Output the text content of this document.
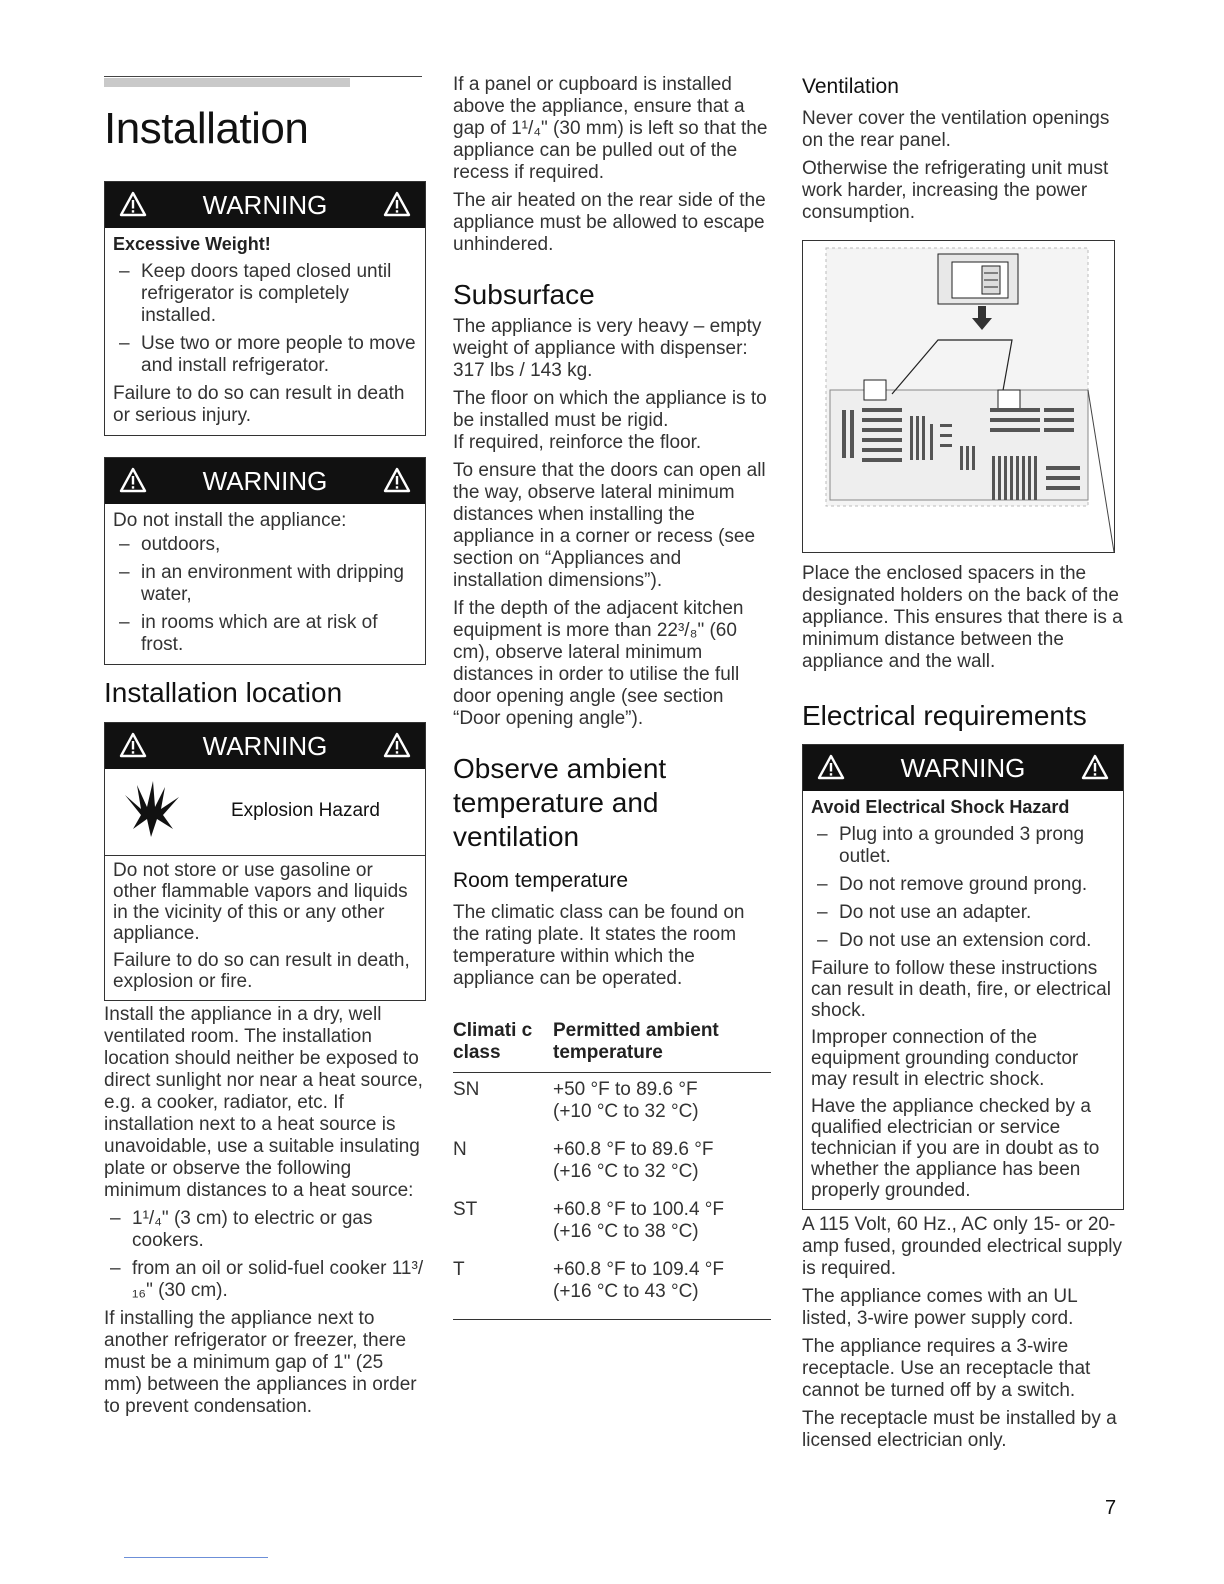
Installation
WARNING
Excessive Weight!
– Keep doors taped closed until refrigerator is completely installed.
– Use two or more people to move and install refrigerator.

Failure to do so can result in death or serious injury.

WARNING

Do not install the appliance:

– outdoors,
– in an environment with dripping water,
– in rooms which are at risk of frost.
Installation location
WARNING
Explosion Hazard

Do not store or use gasoline or other flammable vapors and liquids in the vicinity of this or any other appliance.

Failure to do so can result in death, explosion or fire.

Install the appliance in a dry, well ventilated room. The installation location should neither be exposed to direct sunlight nor near a heat source, e.g. a cooker, radiator, etc. If installation next to a heat source is unavoidable, use a suitable insulating plate or observe the following minimum distances to a heat source:

– 1¹/₄" (3 cm) to electric or gas cookers.
– from an oil or solid-fuel cooker 11³/₁₆" (30 cm).

If installing the appliance next to another refrigerator or freezer, there must be a minimum gap of 1" (25 mm) between the appliances in order to prevent condensation.

If a panel or cupboard is installed above the appliance, ensure that a gap of 1¹/₄" (30 mm) is left so that the appliance can be pulled out of the recess if required.

The air heated on the rear side of the appliance must be allowed to escape unhindered.

Subsurface

The appliance is very heavy – empty weight of appliance with dispenser: 317 lbs / 143 kg.

The floor on which the appliance is to be installed must be rigid.

If required, reinforce the floor.

To ensure that the doors can open all the way, observe lateral minimum distances when installing the appliance in a corner or recess (see section on “Appliances and installation dimensions”).

If the depth of the adjacent kitchen equipment is more than 22³/₈" (60 cm), observe lateral minimum distances in order to utilise the full door opening angle (see section “Door opening angle”).

Observe ambient temperature and ventilation
Room temperature

The climatic class can be found on the rating plate. It states the room temperature within which the appliance can be operated.

Climati c class	Permitted ambient temperature
SN	+50 °F to 89.6 °F
(+10 °C to 32 °C)
N	+60.8 °F to 89.6 °F
(+16 °C to 32 °C)
ST	+60.8 °F to 100.4 °F
(+16 °C to 38 °C)
T	+60.8 °F to 109.4 °F
(+16 °C to 43 °C)
Ventilation

Never cover the ventilation openings on the rear panel.

Otherwise the refrigerating unit must work harder, increasing the power consumption.

Place the enclosed spacers in the designated holders on the back of the appliance. This ensures that there is a minimum distance between the appliance and the wall.

Electrical requirements
WARNING
Avoid Electrical Shock Hazard
– Plug into a grounded 3 prong outlet.
– Do not remove ground prong.
– Do not use an adapter.
– Do not use an extension cord.

Failure to follow these instructions can result in death, fire, or electrical shock.

Improper connection of the equipment grounding conductor may result in electric shock.

Have the appliance checked by a qualified electrician or service technician if you are in doubt as to whether the appliance has been properly grounded.

A 115 Volt, 60 Hz., AC only 15- or 20-amp fused, grounded electrical supply is required.

The appliance comes with an UL listed, 3-wire power supply cord.

The appliance requires a 3-wire receptacle. Use an receptacle that cannot be turned off by a switch.

The receptacle must be installed by a licensed electrician only.

7
